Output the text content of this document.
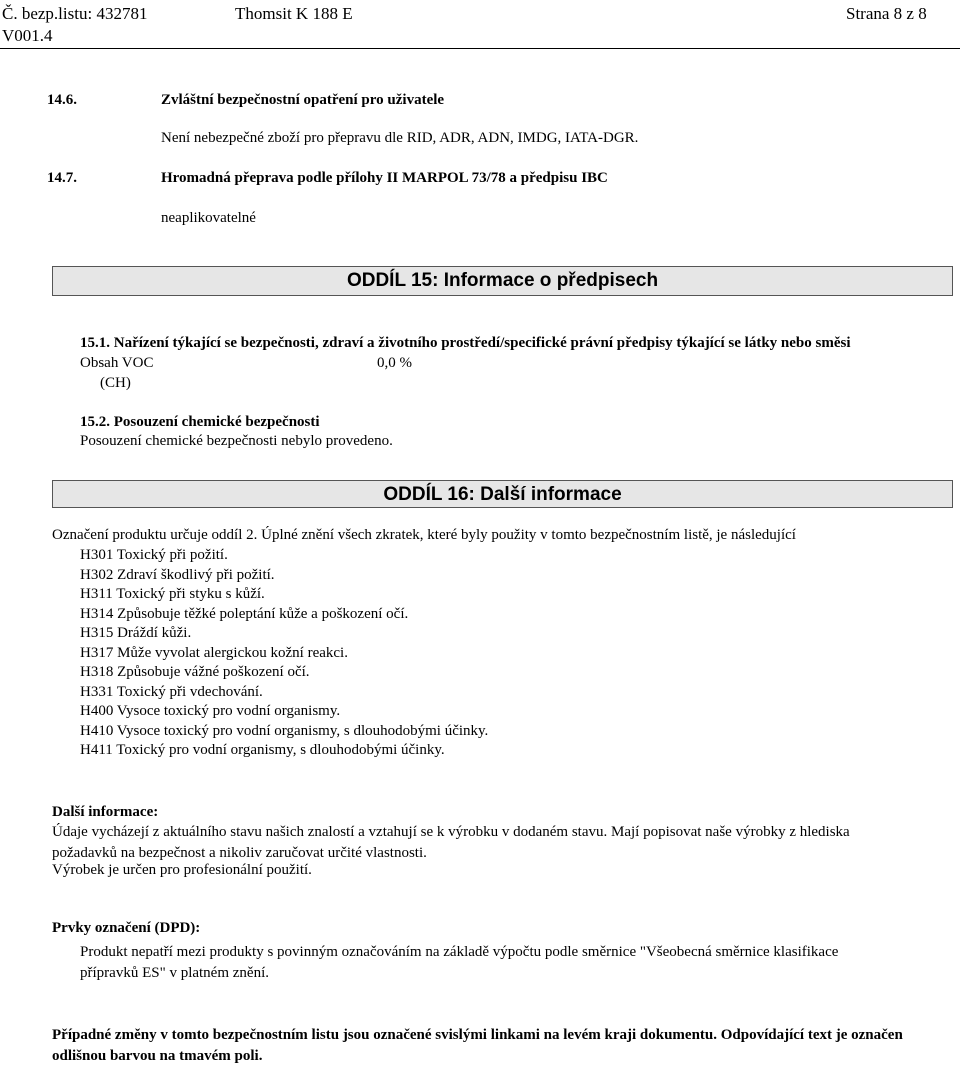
Č. bezp.listu: 432781
V001.4
Thomsit K 188 E	Strana 8 z 8
14.6.	Zvláštní bezpečnostní opatření pro uživatele
Není nebezpečné zboží pro přepravu dle RID, ADR, ADN, IMDG, IATA-DGR.
14.7.	Hromadná přeprava podle přílohy II MARPOL 73/78 a předpisu IBC
neaplikovatelné
ODDÍL 15: Informace o předpisech
15.1. Nařízení týkající se bezpečnosti, zdraví a životního prostředí/specifické právní předpisy týkající se látky nebo směsi
Obsah VOC	0,0 %
(CH)
15.2. Posouzení chemické bezpečnosti
Posouzení chemické bezpečnosti nebylo provedeno.
ODDÍL 16: Další informace
Označení produktu určuje oddíl 2. Úplné znění všech zkratek, které byly použity v tomto bezpečnostním listě, je následující
H301 Toxický při požití.
H302 Zdraví škodlivý při požití.
H311 Toxický při styku s kůží.
H314 Způsobuje těžké poleptání kůže a poškození očí.
H315 Dráždí kůži.
H317 Může vyvolat alergickou kožní reakci.
H318 Způsobuje vážné poškození očí.
H331 Toxický při vdechování.
H400 Vysoce toxický pro vodní organismy.
H410 Vysoce toxický pro vodní organismy, s dlouhodobými účinky.
H411 Toxický pro vodní organismy, s dlouhodobými účinky.
Další informace:
Údaje vycházejí z aktuálního stavu našich znalostí a vztahují se k výrobku v dodaném stavu. Mají popisovat naše výrobky z hlediska požadavků na bezpečnost a nikoliv zaručovat určité vlastnosti.
Výrobek je určen pro profesionální použití.
Prvky označení (DPD):
Produkt nepatří mezi produkty s povinným označováním na základě výpočtu podle směrnice "Všeobecná směrnice klasifikace přípravků ES" v platném znění.
Případné změny v tomto bezpečnostním listu jsou označené svislými linkami na levém kraji dokumentu. Odpovídající text je označen odlišnou barvou na tmavém poli.
